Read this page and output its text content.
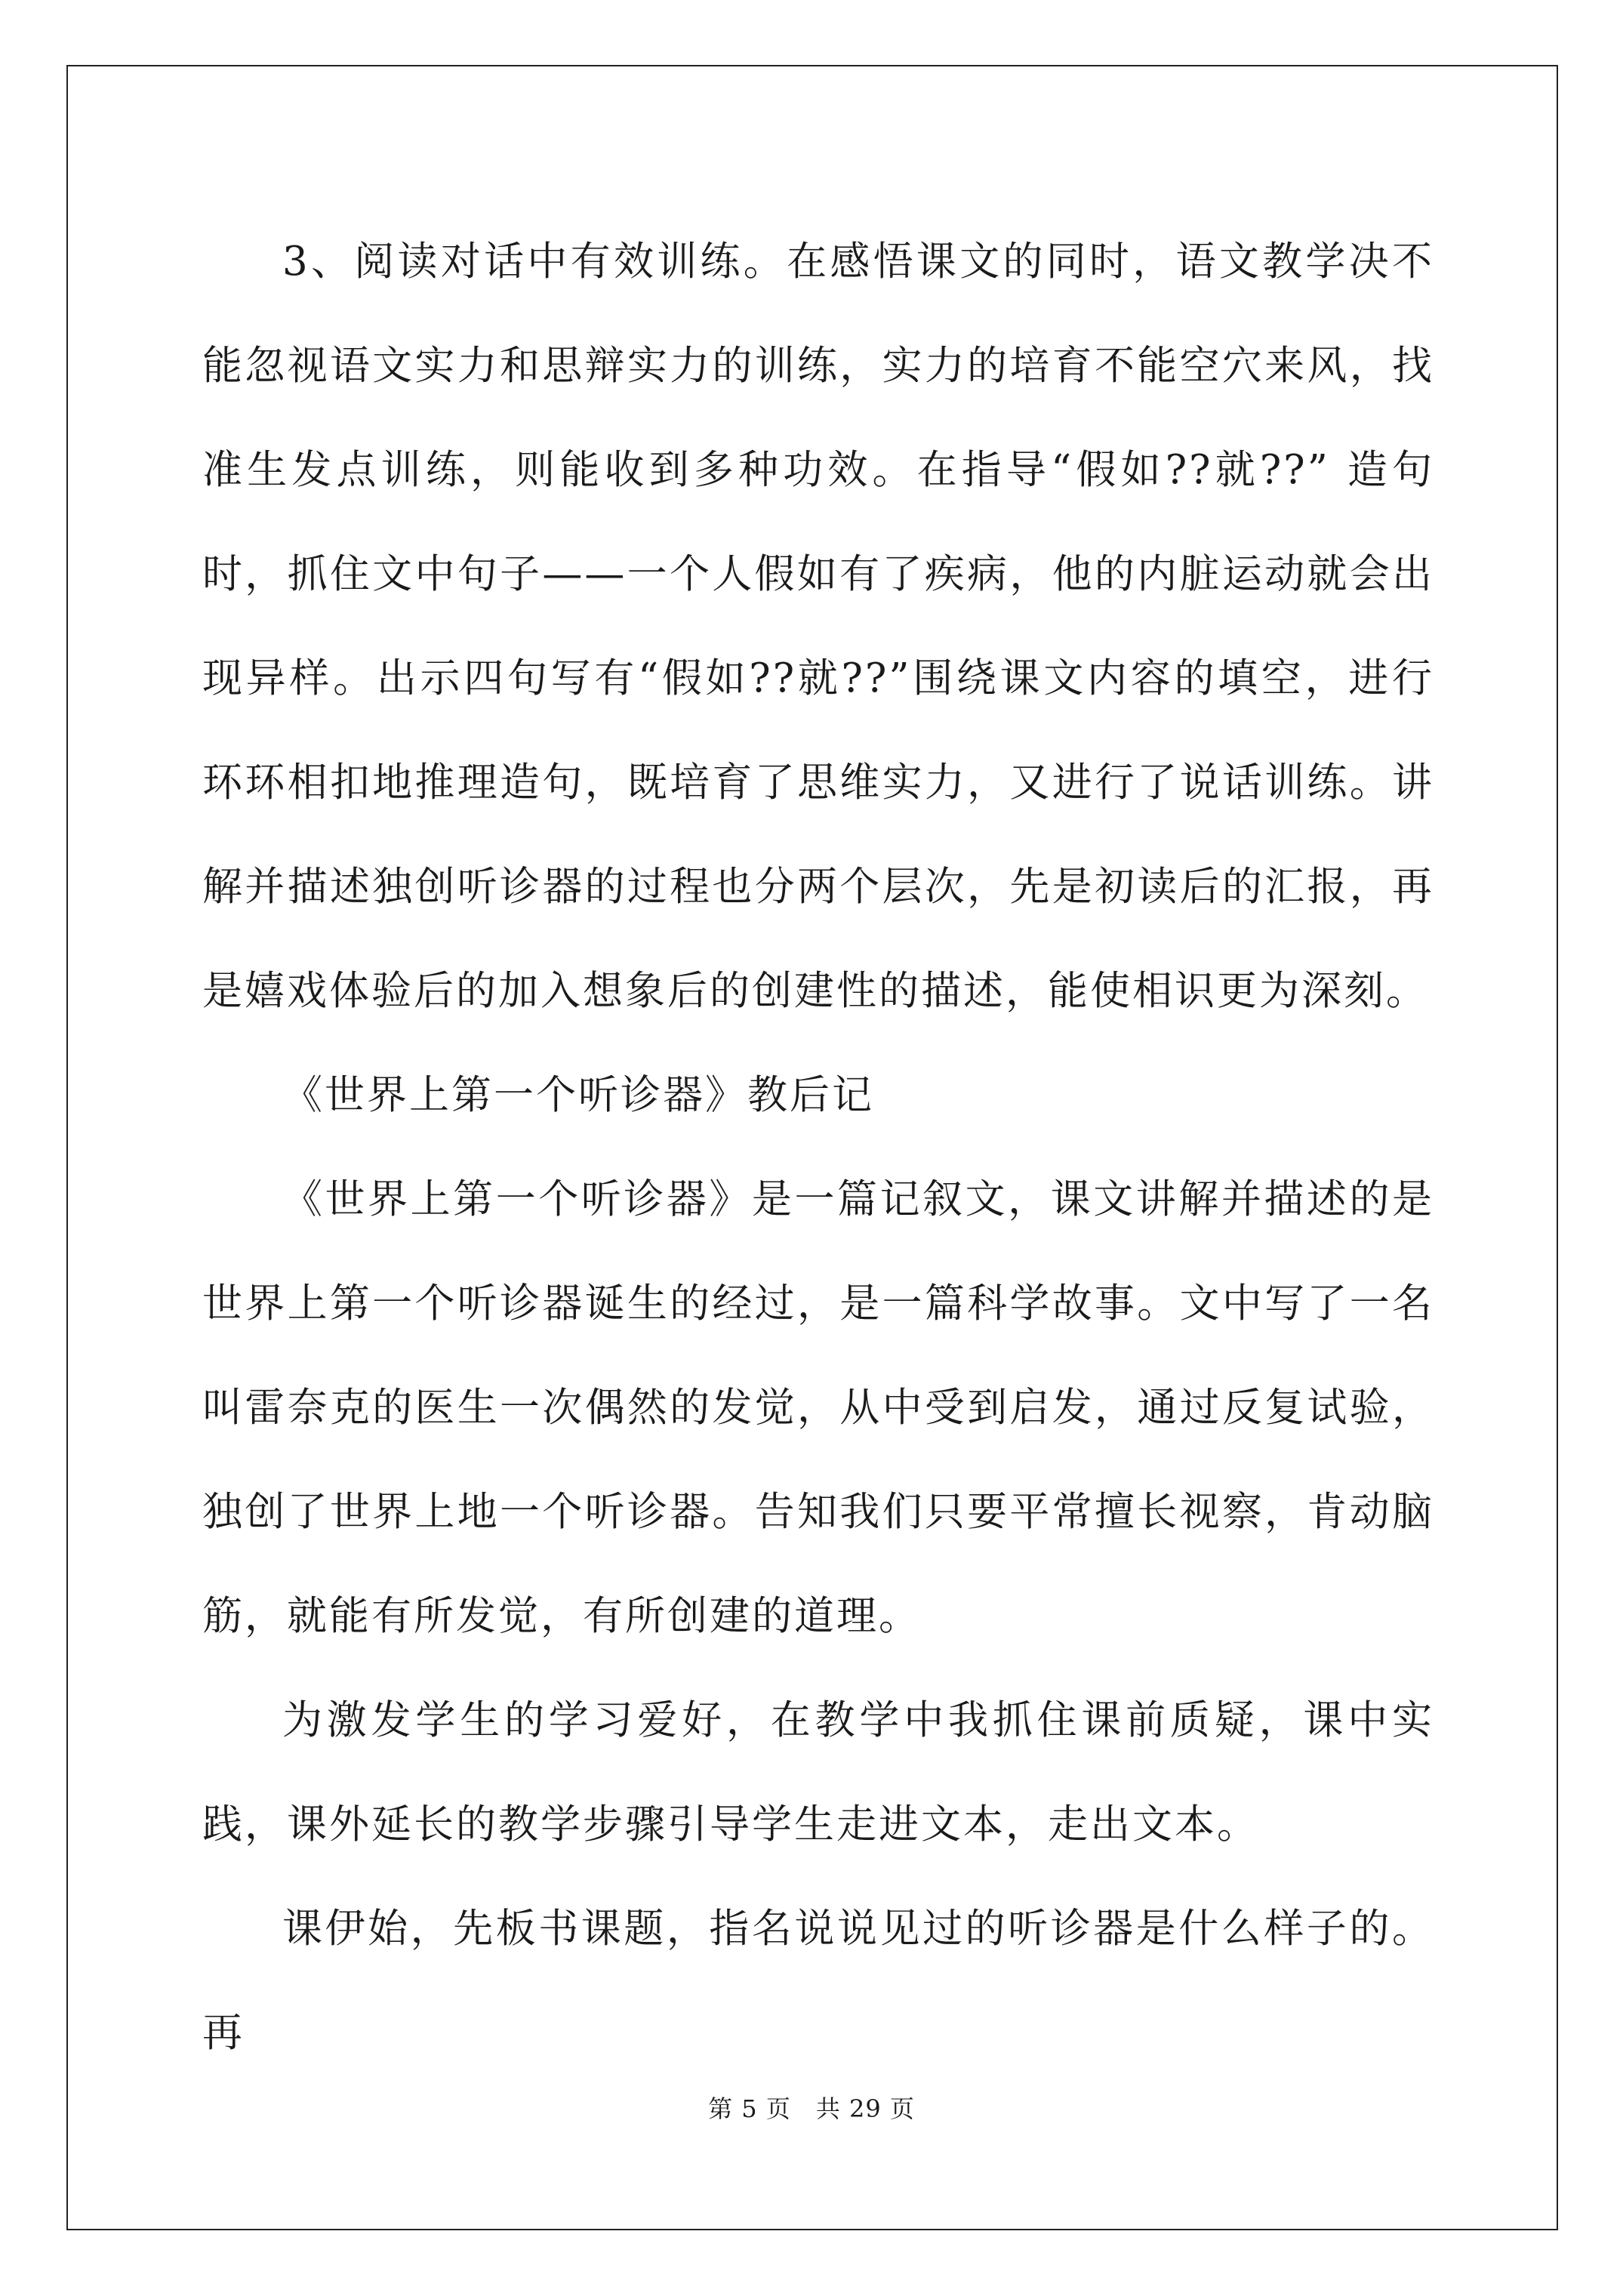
3、阅读对话中有效训练。在感悟课文的同时，语文教学决不能忽视语文实力和思辩实力的训练，实力的培育不能空穴来风，找准生发点训练，则能收到多种功效。在指导“假如??就??” 造句时，抓住文中句子——一个人假如有了疾病，他的内脏运动就会出现异样。出示四句写有“假如??就??”围绕课文内容的填空，进行环环相扣地推理造句，既培育了思维实力，又进行了说话训练。讲解并描述独创听诊器的过程也分两个层次，先是初读后的汇报，再是嬉戏体验后的加入想象后的创建性的描述，能使相识更为深刻。

《世界上第一个听诊器》教后记

《世界上第一个听诊器》是一篇记叙文，课文讲解并描述的是世界上第一个听诊器诞生的经过，是一篇科学故事。文中写了一名叫雷奈克的医生一次偶然的发觉，从中受到启发，通过反复试验，独创了世界上地一个听诊器。告知我们只要平常擅长视察，肯动脑筋，就能有所发觉，有所创建的道理。

为激发学生的学习爱好，在教学中我抓住课前质疑，课中实践，课外延长的教学步骤引导学生走进文本，走出文本。

课伊始，先板书课题，指名说说见过的听诊器是什么样子的。再

第 5 页　共 29 页
